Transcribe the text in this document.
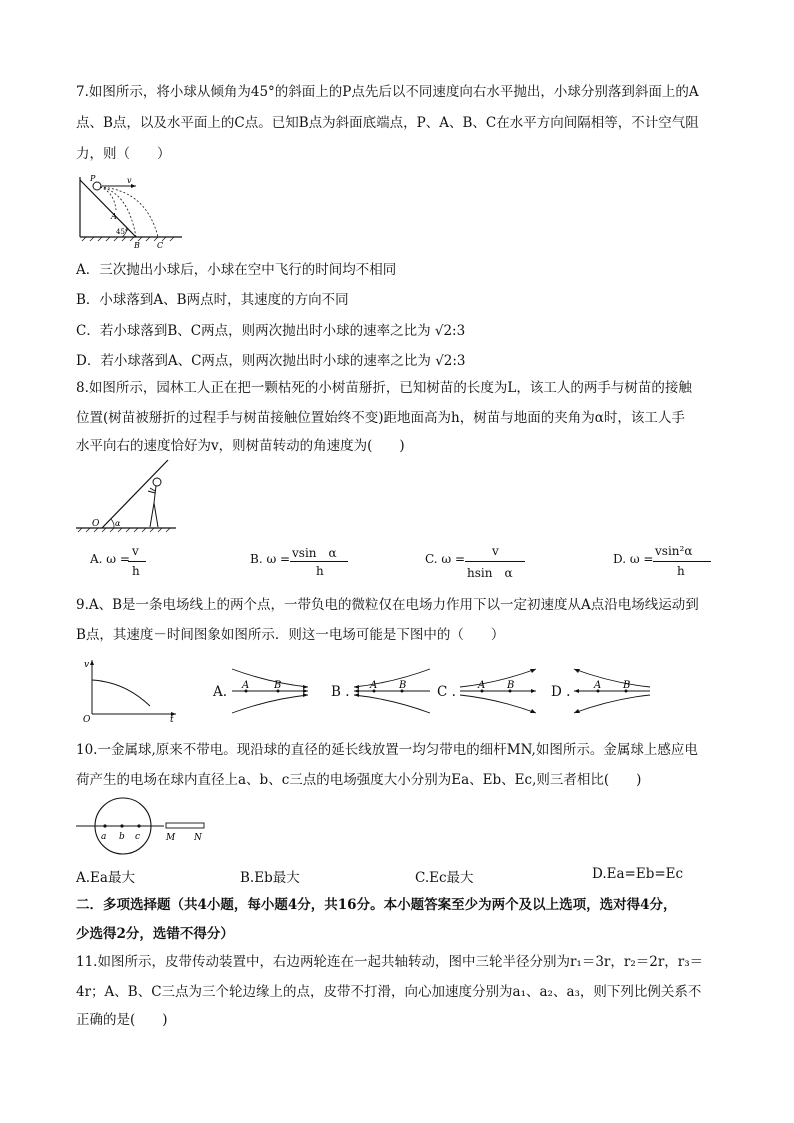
7.如图所示，将小球从倾角为45°的斜面上的P点先后以不同速度向右水平抛出，小球分别落到斜面上的A
点、B点，以及水平面上的C点。已知B点为斜面底端点，P、A、B、C在水平方向间隔相等，不计空气阻
力，则（　　）
P	v
A
B C
45°
A．三次抛出小球后，小球在空中飞行的时间均不相同
B．小球落到A、B两点时，其速度的方向不同
C．若小球落到B、C两点，则两次抛出时小球的速率之比为 √2:3
D．若小球落到A、C两点，则两次抛出时小球的速率之比为 √2:3
8.如图所示，园林工人正在把一颗枯死的小树苗掰折，已知树苗的长度为L，该工人的两手与树苗的接触
位置(树苗被掰折的过程手与树苗接触位置始终不变)距地面高为h，树苗与地面的夹角为α时，该工人手
水平向右的速度恰好为v，则树苗转动的角速度为(　　)
O α
A. ω =
v
h
B. ω = vsin　α
h
C. ω =
v
hsin　α
D. ω =
vsin²α
h
9.A、B是一条电场线上的两个点，一带负电的微粒仅在电场力作用下以一定初速度从A点沿电场线运动到
B点，其速度－时间图象如图所示．则这一电场可能是下图中的（　　）
v
t
O
A. A B	B . A B C . A B	D . A B
10.一金属球,原来不带电。现沿球的直径的延长线放置一均匀带电的细杆MN,如图所示。金属球上感应电
荷产生的电场在球内直径上a、b、c三点的电场强度大小分别为Ea、Eb、Ec,则三者相比(　　)
a b c	M N
A.Ea最大	B.Eb最大	C.Ec最大	D.Ea=Eb=Ec
二．多项选择题（共4小题，每小题4分，共16分。本小题答案至少为两个及以上选项，选对得4分，
少选得2分，选错不得分）
11.如图所示，皮带传动装置中，右边两轮连在一起共轴转动，图中三轮半径分别为r₁＝3r，r₂＝2r，r₃＝
4r；A、B、C三点为三个轮边缘上的点，皮带不打滑，向心加速度分别为a₁、a₂、a₃，则下列比例关系不
正确的是(　　)
